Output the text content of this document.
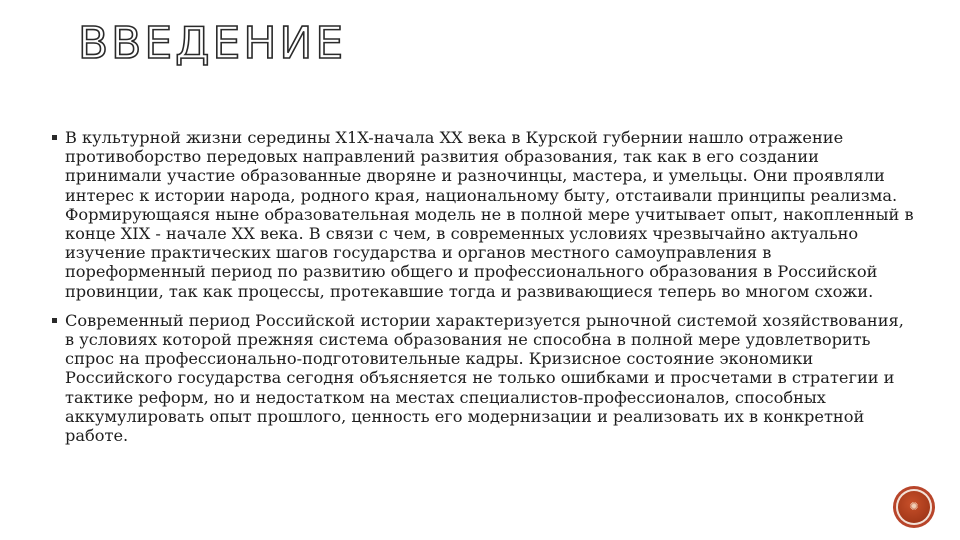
ВВЕДЕНИЕ
В культурной жизни середины X1X-начала XX века в Курской губернии нашло отражение противоборство передовых направлений развития образования, так как в его создании принимали участие образованные дворяне и разночинцы, мастера, и умельцы. Они проявляли интерес к истории народа, родного края, национальному быту, отстаивали принципы реализма. Формирующаяся ныне образовательная модель не в полной мере учитывает опыт, накопленный в конце XIX - начале XX века. В связи с чем, в современных условиях чрезвычайно актуально изучение практических шагов государства и органов местного самоуправления в пореформенный период по развитию общего и профессионального образования в Российской провинции, так как процессы, протекавшие тогда и развивающиеся теперь во многом схожи.
Современный период Российской истории характеризуется рыночной системой хозяйствования, в условиях которой прежняя система образования не способна в полной мере удовлетворить спрос на профессионально-подготовительные кадры. Кризисное состояние экономики Российского государства сегодня объясняется не только ошибками и просчетами в стратегии и тактике реформ, но и недостатком на местах специалистов-профессионалов, способных аккумулировать опыт прошлого, ценность его модернизации и реализовать их в конкретной работе.
✺
